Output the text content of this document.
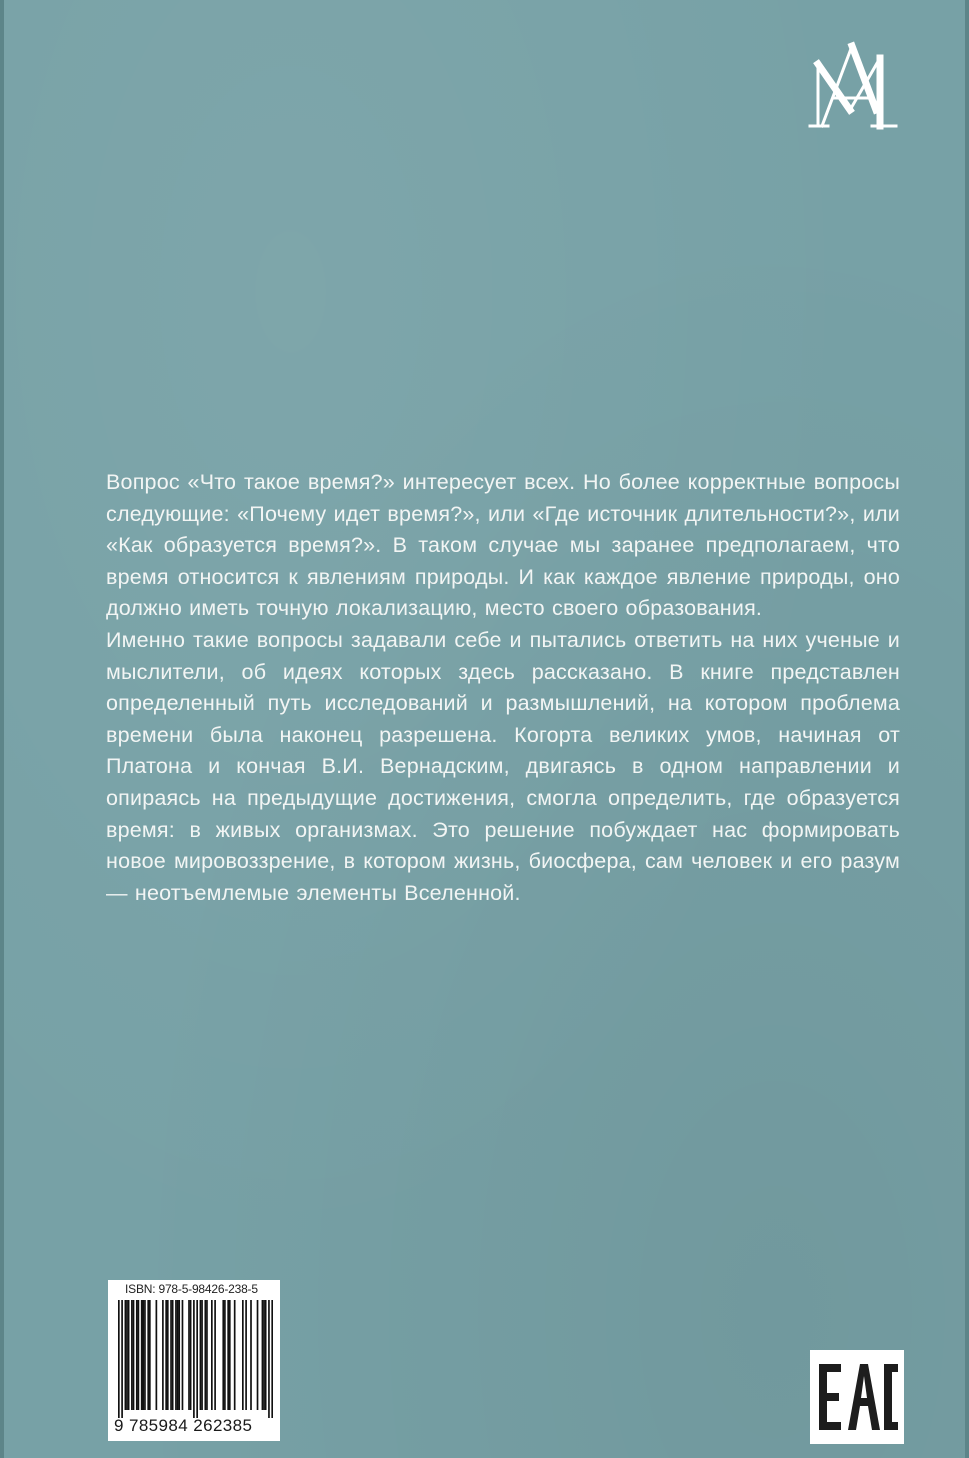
Вопрос «Что такое время?» интересует всех. Но более корректные вопросы следующие: «Почему идет время?», или «Где источник длительности?», или «Как образуется время?». В таком случае мы заранее предполагаем, что время относится к явлениям природы. И как каждое явление природы, оно должно иметь точную локализацию, место своего образования.

Именно такие вопросы задавали себе и пытались ответить на них ученые и мыслители, об идеях которых здесь рассказано. В книге представлен определенный путь исследований и размышлений, на котором проблема времени была наконец разрешена. Когорта великих умов, начиная от Платона и кончая В.И. Вернадским, двигаясь в одном направлении и опираясь на предыдущие достижения, смогла определить, где образуется время: в живых организмах. Это решение побуждает нас формировать новое мировоззрение, в котором жизнь, биосфера, сам человек и его разум — неотъемлемые элементы Вселенной.

ISBN: 978-5-98426-238-5
9 785984 262385
